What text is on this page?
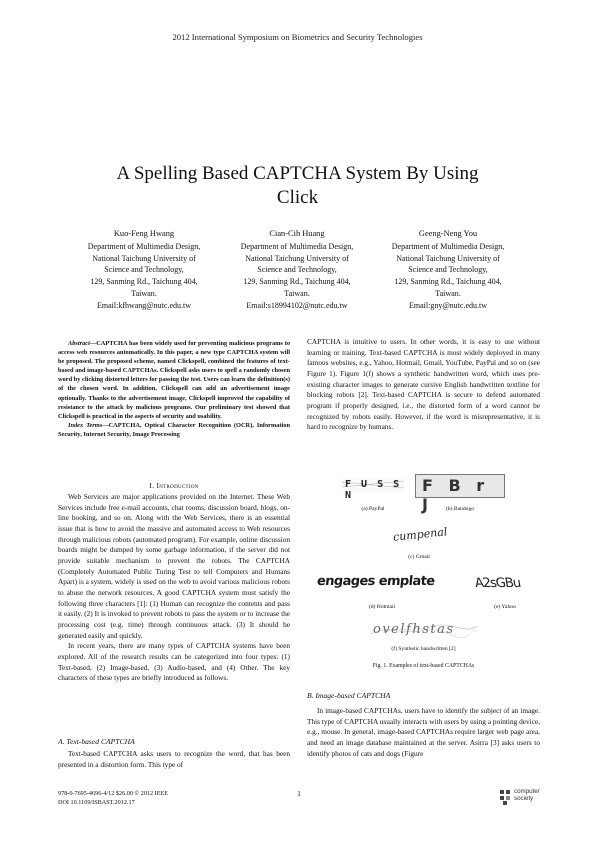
2012 International Symposium on Biometrics and Security Technologies
A Spelling Based CAPTCHA System By Using
Click
Kuo-Feng Hwang
Department of Multimedia Design,
National Taichung University of
Science and Technology,
129, Sanming Rd., Taichung 404,
Taiwan.
Email:kfhwang@nutc.edu.tw
Cian-Cih Huang
Department of Multimedia Design,
National Taichung University of
Science and Technology,
129, Sanming Rd., Taichung 404,
Taiwan.
Email:s18994102@nutc.edu.tw
Geeng-Neng You
Department of Multimedia Design,
National Taichung University of
Science and Technology,
129, Sanming Rd., Taichung 404,
Taiwan.
Email:gny@nutc.edu.tw
Abstract—CAPTCHA has been widely used for preventing malicious programs to access web resources automatically. In this paper, a new type CAPTCHA system will be proposed. The proposed scheme, named Clickspell, combined the features of text-based and image-based CAPTCHAs. Clickspell asks users to spell a randomly chosen word by clicking distorted letters for passing the test. Users can learn the definition(s) of the chosen word. In addition, Clickspell can add an advertisement image optionally. Thanks to the advertisement image, Clickspell improved the capability of resistance to the attack by malicious programs. Our preliminary test showed that Clickspell is practical in the aspects of security and usability.
Index Terms—CAPTCHA, Optical Character Recognition (OCR), Information Security, Internet Security, Image Processing
I. Introduction

Web Services are major applications provided on the Internet. These Web Services include free e-mail accounts, chat rooms, discussion board, blogs, on-line booking, and so on. Along with the Web Services, there is an essential issue that is how to avoid the massive and automated access to Web resources through malicious robots (automated program). For example, online discussion boards might be dumped by some garbage information, if the server did not provide suitable mechanism to prevent the robots. The CAPTCHA (Completely Automated Public Turing Test to tell Computers and Humans Apart) is a system, widely is used on the web to avoid various malicious robots to abuse the network resources. A good CAPTCHA system must satisfy the following three characters [1]: (1) Human can recognize the contents and pass it easily. (2) It is invoked to prevent robots to pass the system or to increase the processing cost (e.g. time) through continuous attack. (3) It should be generated easily and quickly.

In recent years, there are many types of CAPTCHA systems have been explored. All of the research results can be categorized into four types: (1) Text-based, (2) Image-based, (3) Audio-based, and (4) Other. The key characters of these types are briefly introduced as follows.

A. Text-based CAPTCHA

Text-based CAPTCHA asks users to recognize the word, that has been presented in a distortion form. This type of

CAPTCHA is intuitive to users. In other words, it is easy to use without learning or training. Text-based CAPTCHA is most widely deployed in many famous websites, e.g., Yahoo, Hotmail, Gmail, YouTube, PayPal and so on (see Figure 1). Figure 1(f) shows a synthetic handwritten word, which uses pre-existing character images to generate cursive English handwritten textline for blocking robots [2]. Text-based CAPTCHA is secure to defend automated program if properly designed, i.e., the distorted form of a word cannot be recognized by robots easily. However, if the word is misrepresentative, it is hard to recognize by humans.
F U S S N
(a) PayPal
F B r J	(b) Bandogo
cumpenal
(c) Gmail
engages emplate
(d) Hotmail
A2sGBu
(e) Yahoo
ovelfhstas
(f) Synthetic handwritten [2]
Fig. 1. Examples of text-based CAPTCHAs
B. Image-based CAPTCHA

In image-based CAPTCHAs, users have to identify the subject of an image. This type of CAPTCHA usually interacts with users by using a pointing device, e.g., mouse. In general, image-based CAPTCHAs require larger web page area, and need an image database maintained at the server. Asirra [3] asks users to identify photos of cats and dogs (Figure

978-0-7695-4696-4/12 $26.00 © 2012 IEEE
DOI 10.1109/ISBAST.2012.17
1	computer
society
